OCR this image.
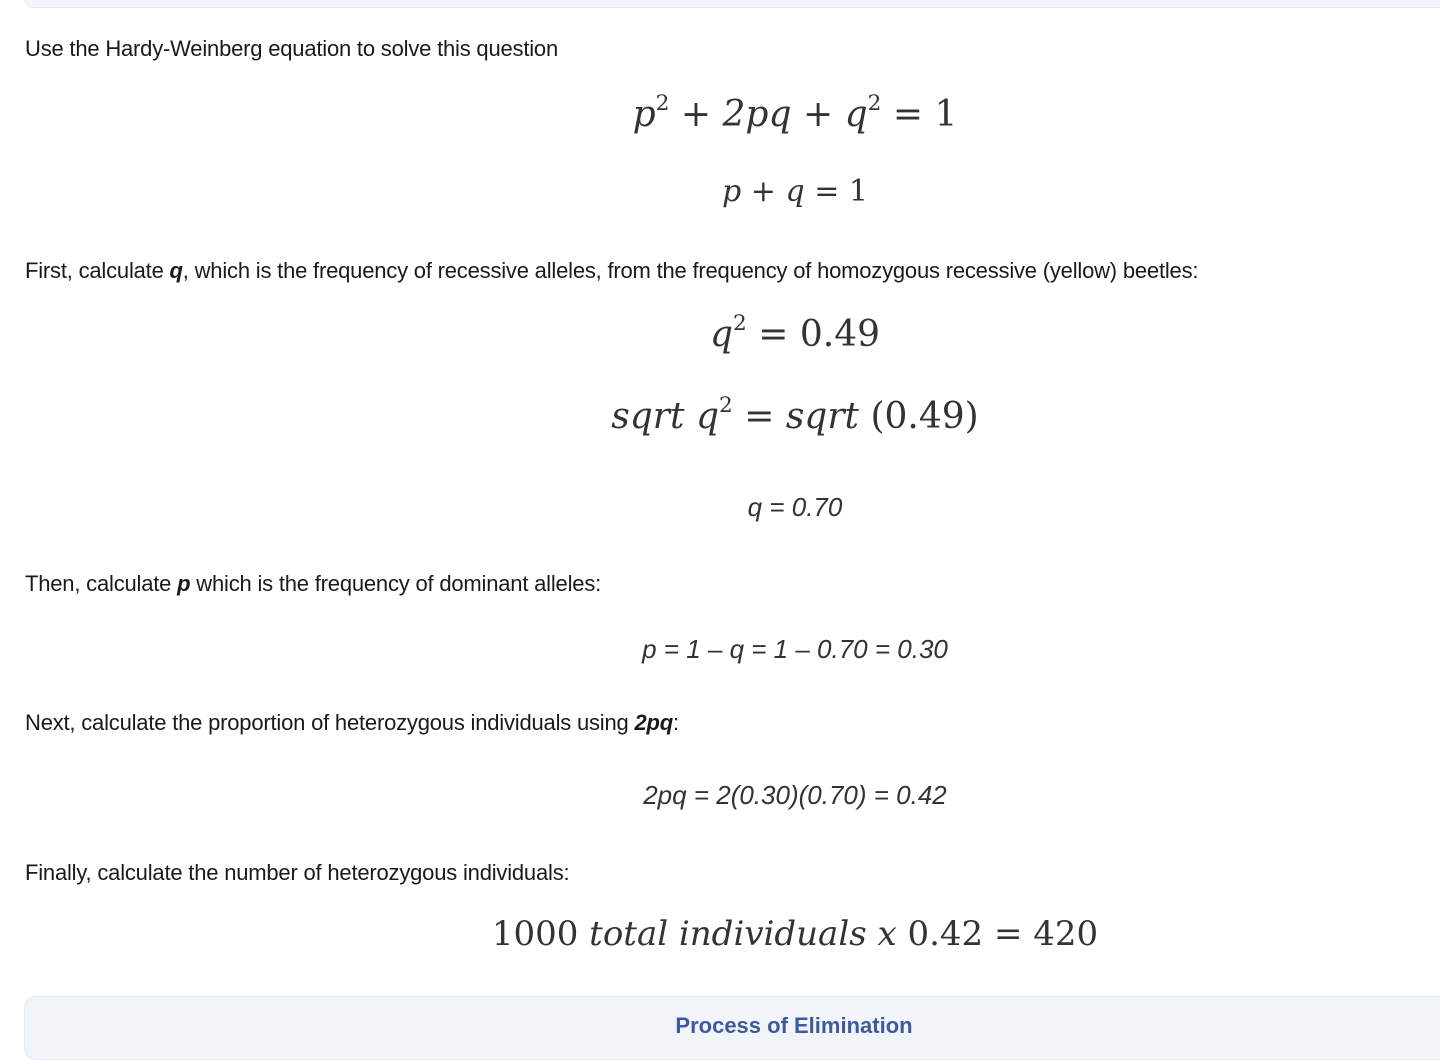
Use the Hardy-Weinberg equation to solve this question
$p^2 + 2pq + q^2 = 1$
p + q = 1
First, calculate q, which is the frequency of recessive alleles, from the frequency of homozygous recessive (yellow) beetles:
$q^2 = 0.49$
sqrt $q^2$ = sqrt (0.49)
q = 0.70
Then, calculate p which is the frequency of dominant alleles:
p = 1 – q = 1 – 0.70 = 0.30
Next, calculate the proportion of heterozygous individuals using 2pq:
2pq = 2(0.30)(0.70) = 0.42
Finally, calculate the number of heterozygous individuals:
1000 total individuals x 0.42 = 420
Process of Elimination
